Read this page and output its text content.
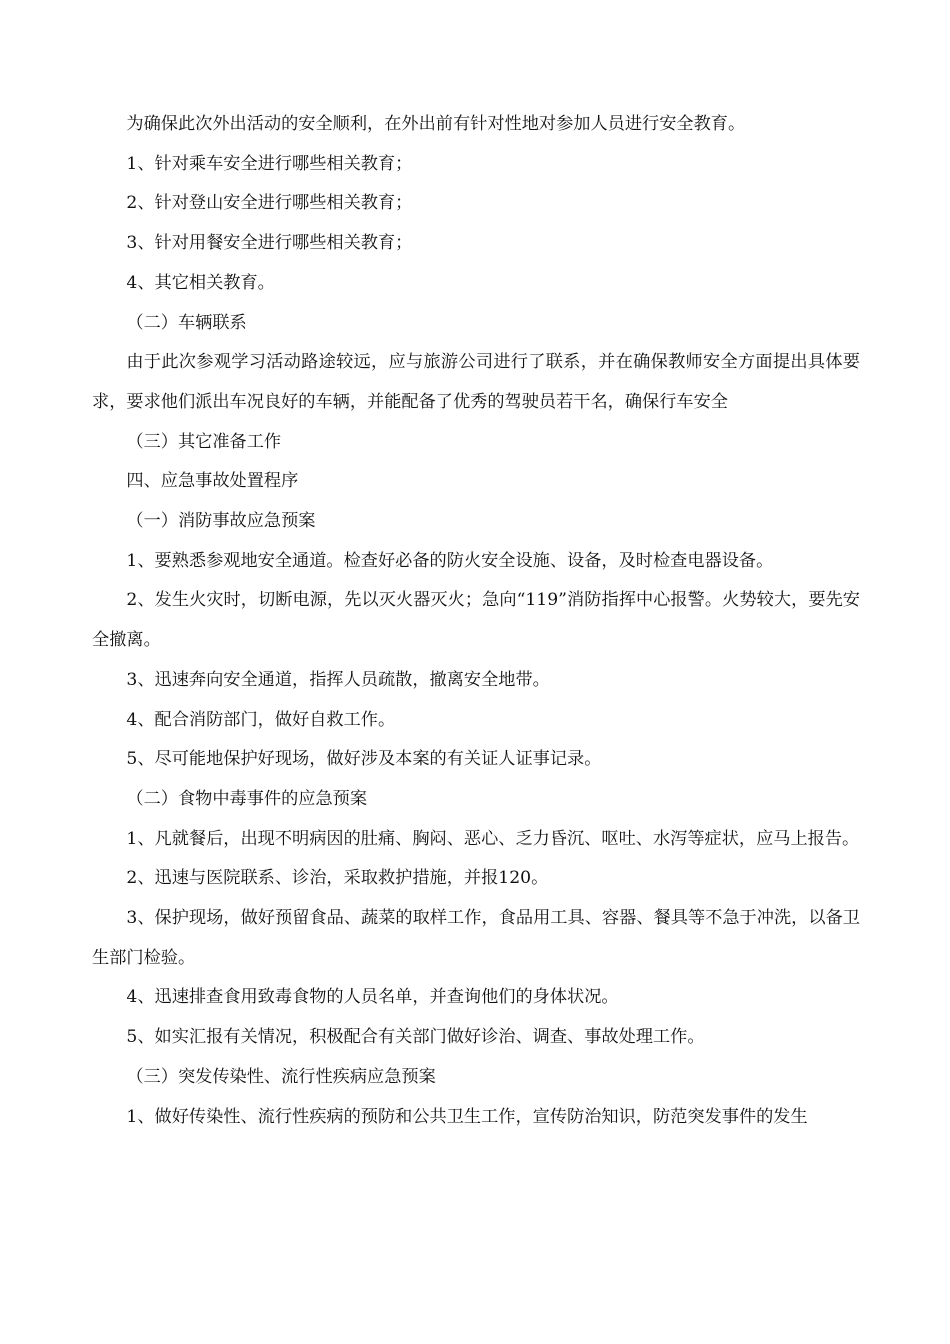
为确保此次外出活动的安全顺利，在外出前有针对性地对参加人员进行安全教育。

1、针对乘车安全进行哪些相关教育；

2、针对登山安全进行哪些相关教育；

3、针对用餐安全进行哪些相关教育；

4、其它相关教育。

（二）车辆联系

由于此次参观学习活动路途较远，应与旅游公司进行了联系，并在确保教师安全方面提出具体要求，要求他们派出车况良好的车辆，并能配备了优秀的驾驶员若干名，确保行车安全

（三）其它准备工作

四、应急事故处置程序

（一）消防事故应急预案

1、要熟悉参观地安全通道。检查好必备的防火安全设施、设备，及时检查电器设备。

2、发生火灾时，切断电源，先以灭火器灭火；急向“119”消防指挥中心报警。火势较大，要先安全撤离。

3、迅速奔向安全通道，指挥人员疏散，撤离安全地带。

4、配合消防部门，做好自救工作。

5、尽可能地保护好现场，做好涉及本案的有关证人证事记录。

（二）食物中毒事件的应急预案

1、凡就餐后，出现不明病因的肚痛、胸闷、恶心、乏力昏沉、呕吐、水泻等症状，应马上报告。

2、迅速与医院联系、诊治，采取救护措施，并报120。

3、保护现场，做好预留食品、蔬菜的取样工作，食品用工具、容器、餐具等不急于冲洗，以备卫生部门检验。

4、迅速排查食用致毒食物的人员名单，并查询他们的身体状况。

5、如实汇报有关情况，积极配合有关部门做好诊治、调查、事故处理工作。

（三）突发传染性、流行性疾病应急预案

1、做好传染性、流行性疾病的预防和公共卫生工作，宣传防治知识，防范突发事件的发生
